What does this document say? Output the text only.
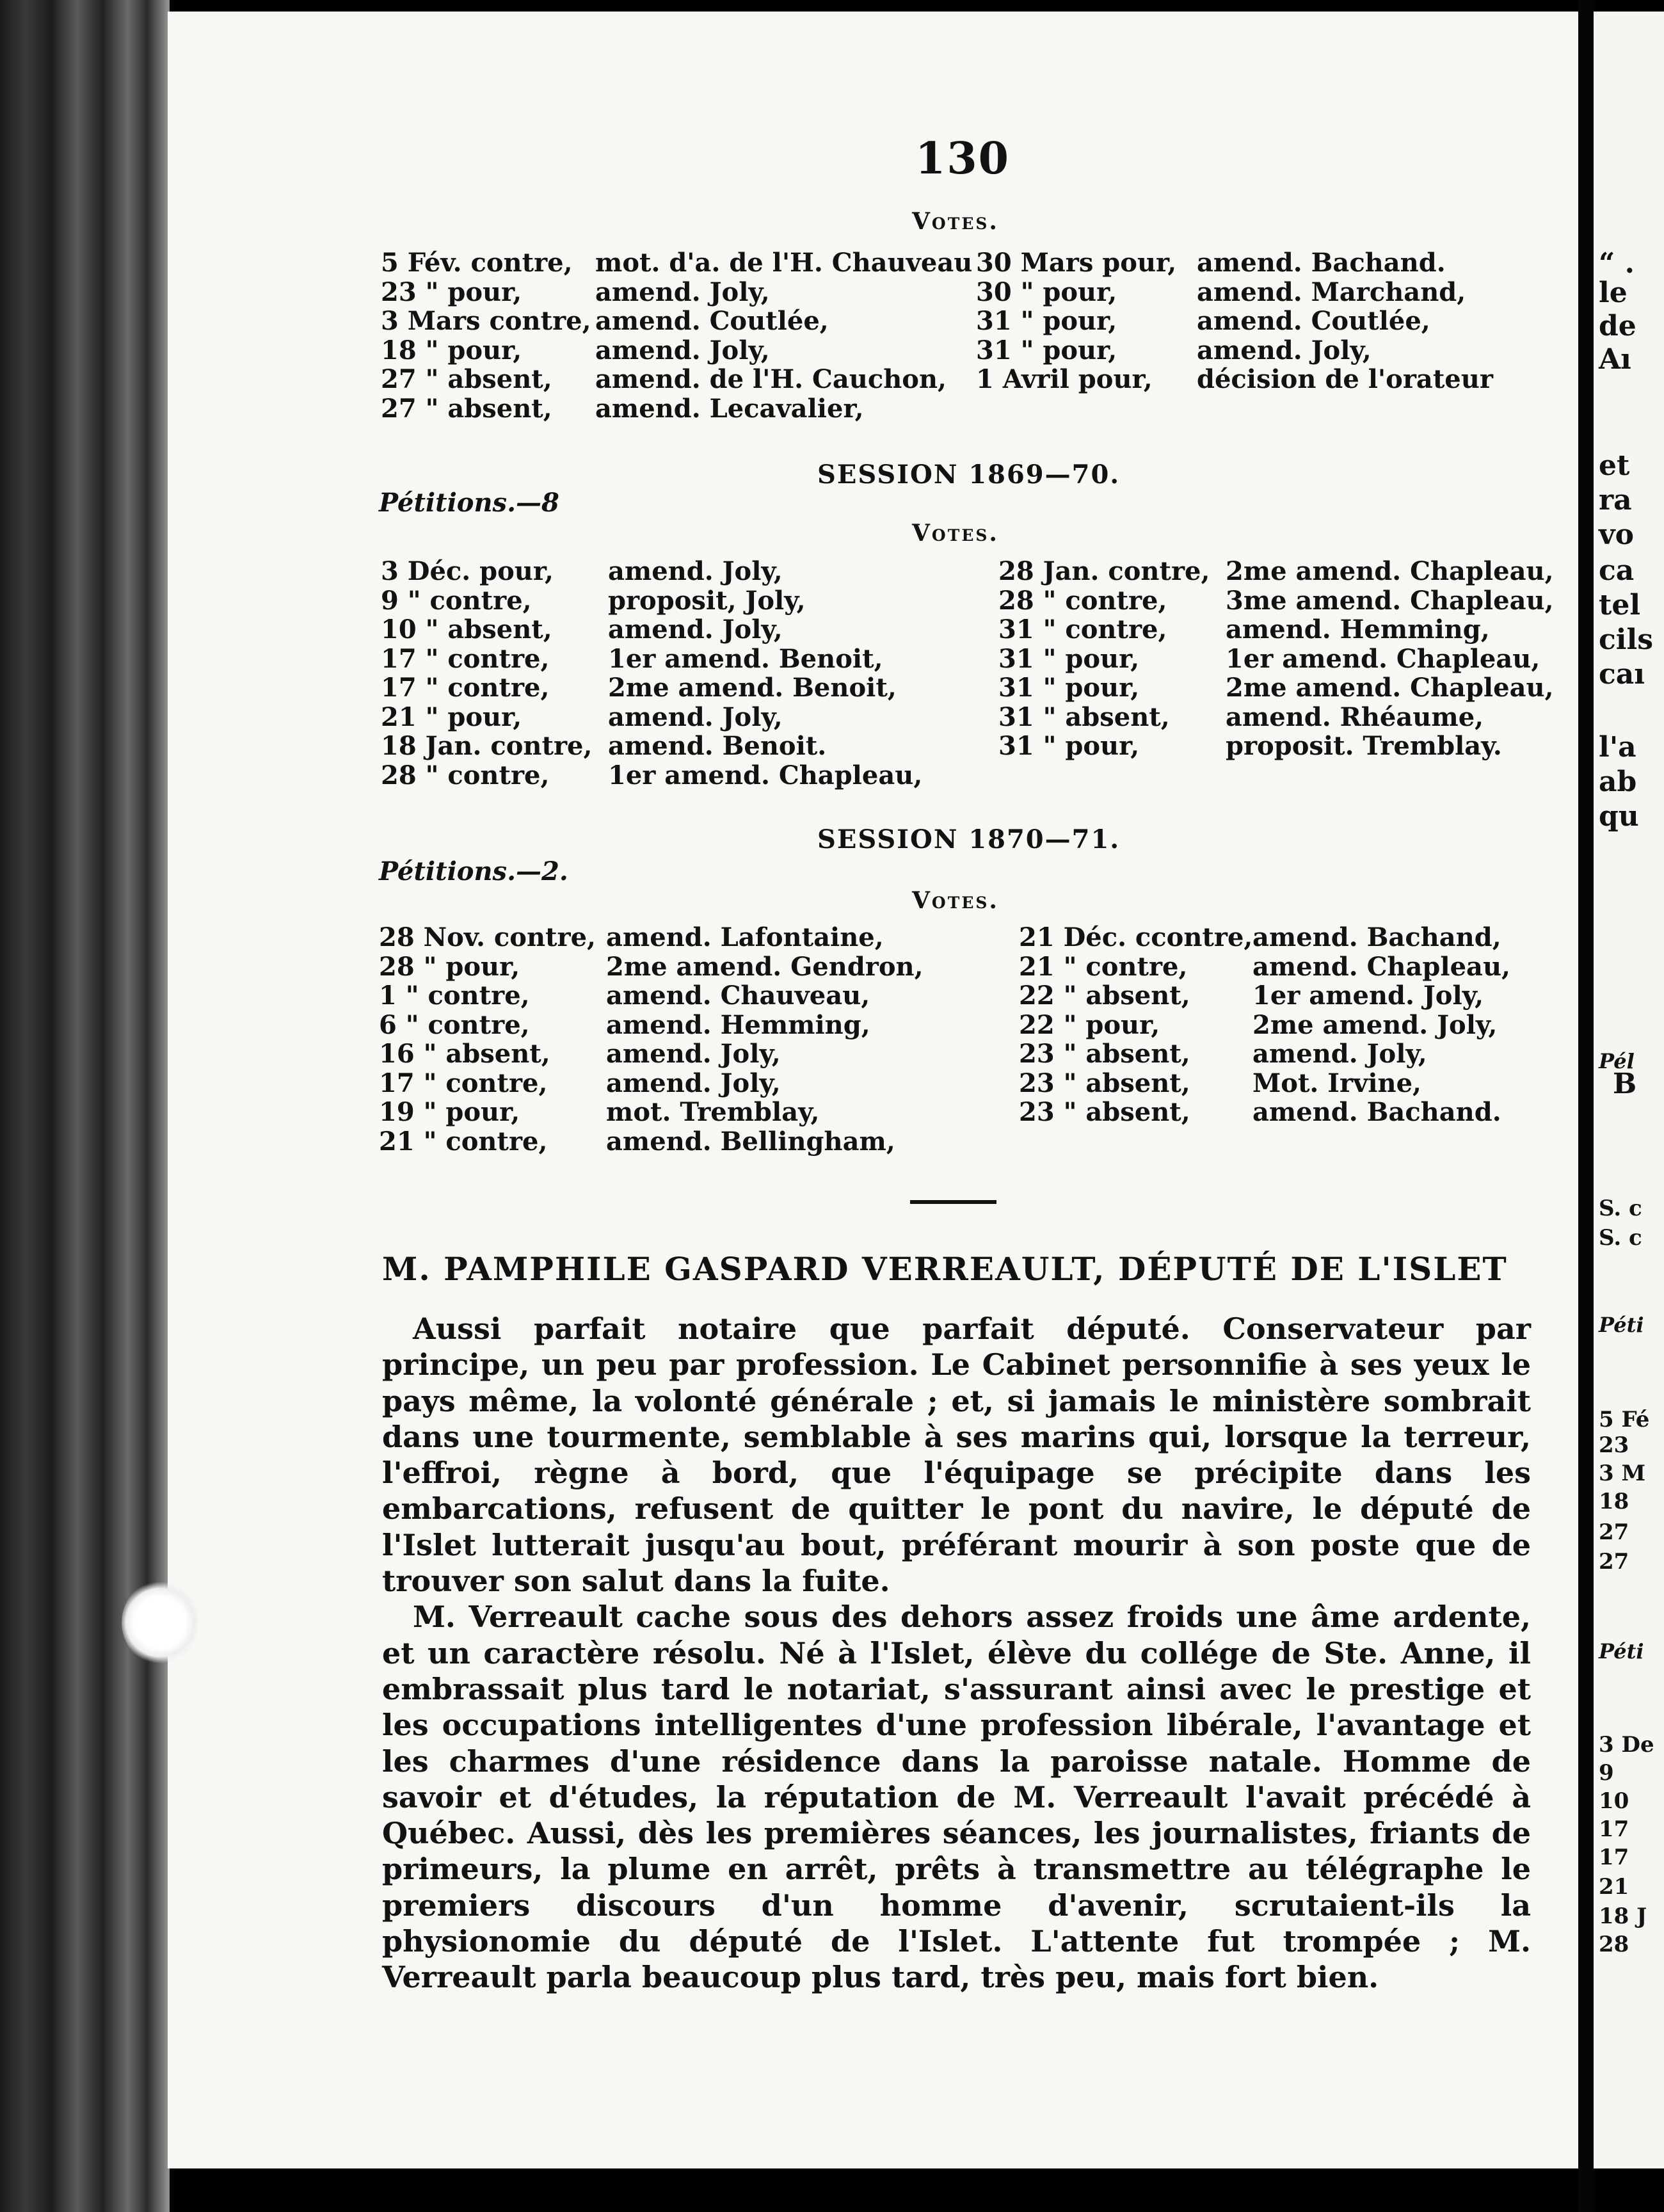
“ .
le
de
Aı
et
ra
vo
ca
tel
cils
caı
l'a
ab
qu
Pél
B
S. c
S. c
Péti
5 Fé
23
3 M
18
27
27
Péti
3 De
9
10
17
17
21
18 J
28
130
Votes.
5 Fév. contre, mot. d'a. de l'H. Chauveau 30 Mars pour, amend. Bachand.
23 " pour,	amend. Joly,	30 " pour,	amend. Marchand,
3 Mars contre, amend. Coutlée,	31 " pour,	amend. Coutlée,
18 " pour,	amend. Joly,	31 " pour,	amend. Joly,
27 " absent,	amend. de l'H. Cauchon,	1 Avril pour,	décision de l'orateur
27 " absent,	amend. Lecavalier,
SESSION 1869—70.
Pétitions.—8
Votes.
3 Déc. pour,	amend. Joly,	28 Jan. contre, 2me amend. Chapleau,
9 " contre,	proposit, Joly,	28 " contre,	3me amend. Chapleau,
10 " absent,	amend. Joly,	31 " contre,	amend. Hemming,
17 " contre,	1er amend. Benoit,	31 " pour,	1er amend. Chapleau,
17 " contre,	2me amend. Benoit,	31 " pour,	2me amend. Chapleau,
21 " pour,	amend. Joly,	31 " absent,	amend. Rhéaume,
18 Jan. contre, amend. Benoit.	31 " pour,	proposit. Tremblay.
28 " contre,	1er amend. Chapleau,
SESSION 1870—71.
Pétitions.—2.
Votes.
28 Nov. contre, amend. Lafontaine,	21 Déc. ccontre, amend. Bachand,
28 " pour,	2me amend. Gendron,	21 " contre,	amend. Chapleau,
1 " contre,	amend. Chauveau,	22 " absent,	1er amend. Joly,
6 " contre,	amend. Hemming,	22 " pour,	2me amend. Joly,
16 " absent,	amend. Joly,	23 " absent,	amend. Joly,
17 " contre,	amend. Joly,	23 " absent,	Mot. Irvine,
19 " pour,	mot. Tremblay,	23 " absent,	amend. Bachand.
21 " contre,	amend. Bellingham,
M. PAMPHILE GASPARD VERREAULT, DÉPUTÉ DE L'ISLET

Aussi parfait notaire que parfait député. Conservateur par principe, un peu par profession. Le Cabinet personnifie à ses yeux le pays même, la volonté générale ; et, si jamais le ministère sombrait dans une tourmente, semblable à ses marins qui, lorsque la terreur, l'effroi, règne à bord, que l'équipage se précipite dans les embarcations, refusent de quitter le pont du navire, le député de l'Islet lutterait jusqu'au bout, préférant mourir à son poste que de trouver son salut dans la fuite.

M. Verreault cache sous des dehors assez froids une âme ardente, et un caractère résolu. Né à l'Islet, élève du collége de Ste. Anne, il embrassait plus tard le notariat, s'assurant ainsi avec le prestige et les occupations intelligentes d'une profession libérale, l'avantage et les charmes d'une résidence dans la paroisse natale. Homme de savoir et d'études, la réputation de M. Verreault l'avait précédé à Québec. Aussi, dès les premières séances, les journalistes, friants de primeurs, la plume en arrêt, prêts à transmettre au télégraphe le premiers discours d'un homme d'avenir, scrutaient-ils la physionomie du député de l'Islet. L'attente fut trompée ; M. Verreault parla beaucoup plus tard, très peu, mais fort bien.
